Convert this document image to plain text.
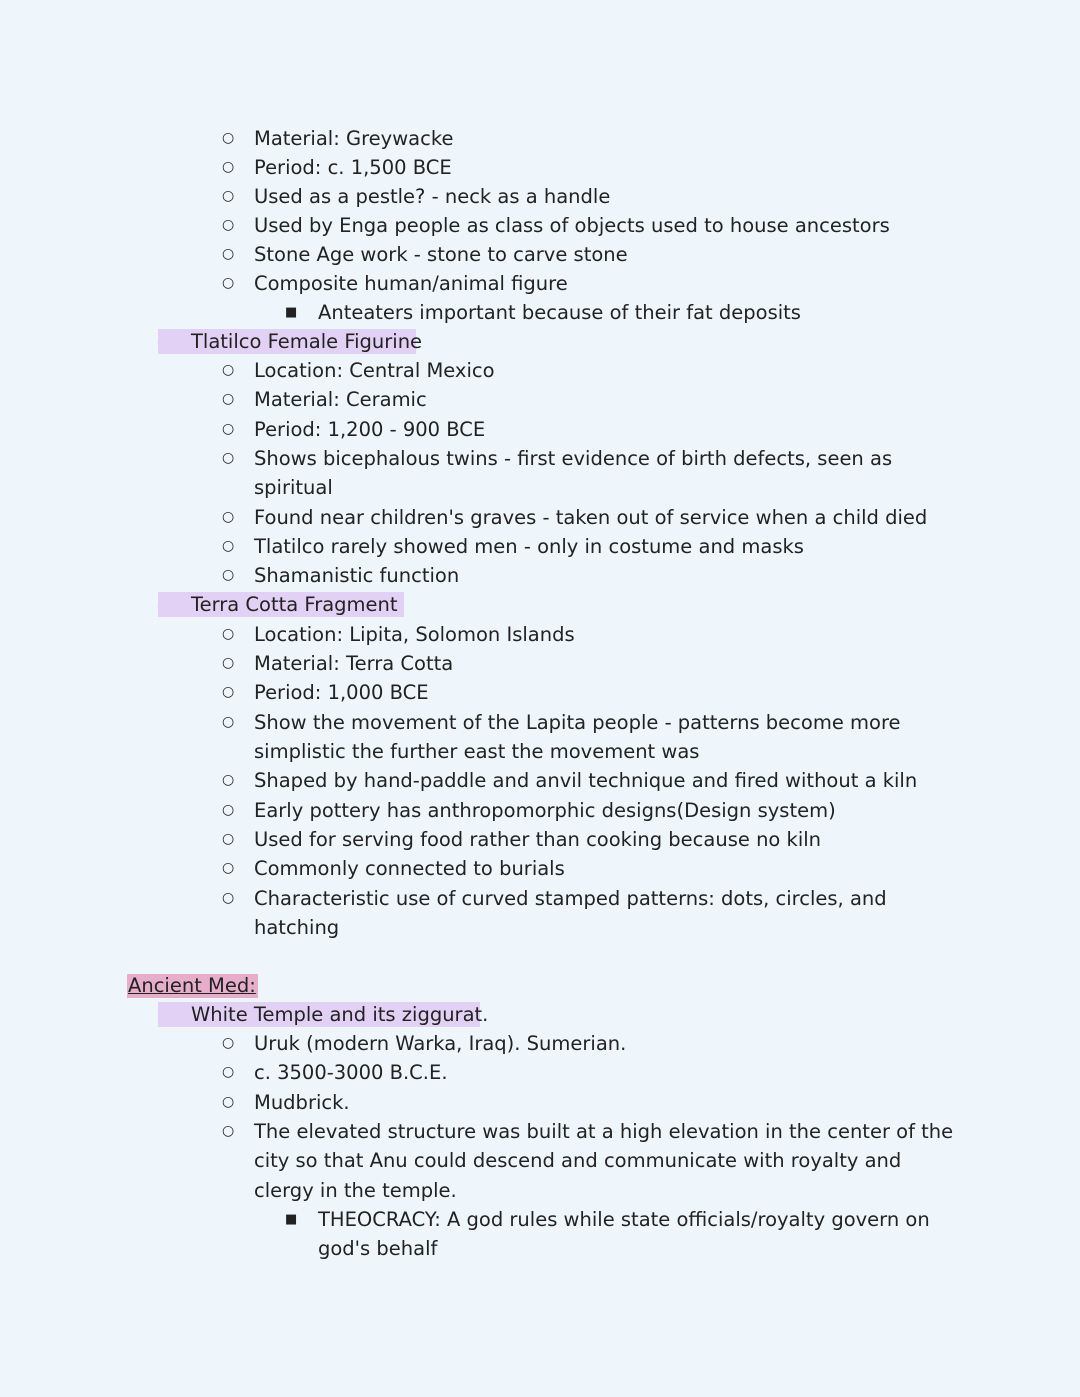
○
Material: Greywacke
○
Period: c. 1,500 BCE
○
Used as a pestle? - neck as a handle
○
Used by Enga people as class of objects used to house ancestors
○
Stone Age work - stone to carve stone
○
Composite human/animal figure
■
Anteaters important because of their fat deposits
●
Tlatilco Female Figurine
○
Location: Central Mexico
○
Material: Ceramic
○
Period: 1,200 - 900 BCE
○
Shows bicephalous twins - first evidence of birth defects, seen as
spiritual
○
Found near children's graves - taken out of service when a child died
○
Tlatilco rarely showed men - only in costume and masks
○
Shamanistic function
●
Terra Cotta Fragment
○
Location: Lipita, Solomon Islands
○
Material: Terra Cotta
○
Period: 1,000 BCE
○
Show the movement of the Lapita people - patterns become more
simplistic the further east the movement was
○
Shaped by hand-paddle and anvil technique and fired without a kiln
○
Early pottery has anthropomorphic designs(Design system)
○
Used for serving food rather than cooking because no kiln
○
Commonly connected to burials
○
Characteristic use of curved stamped patterns: dots, circles, and
hatching
Ancient Med:
●
White Temple and its ziggurat.
○
Uruk (modern Warka, Iraq). Sumerian.
○
c. 3500-3000 B.C.E.
○
Mudbrick.
○
The elevated structure was built at a high elevation in the center of the
city so that Anu could descend and communicate with royalty and
clergy in the temple.
■
THEOCRACY: A god rules while state officials/royalty govern on
god's behalf
